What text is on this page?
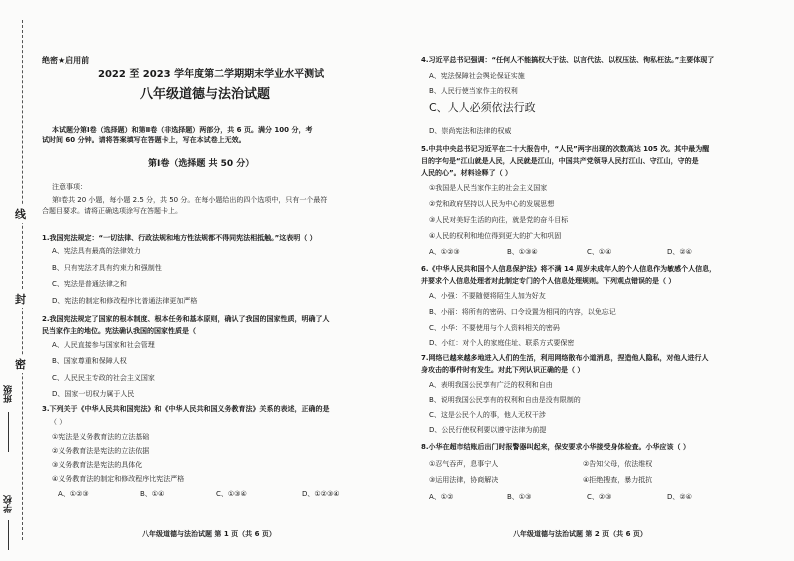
线
封
密
班级
学校
绝密★启用前
2022 至 2023 学年度第二学期期末学业水平测试
八年级道德与法治试题
本试题分第Ⅰ卷（选择题）和第Ⅱ卷（非选择题）两部分，共 6 页。满分 100 分，考
试时间 60 分钟。请将答案填写在答题卡上，写在本试卷上无效。
第Ⅰ卷（选择题 共 50 分）
注意事项：
第Ⅰ卷共 20 小题，每小题 2.5 分，共 50 分。在每小题给出的四个选项中，只有一个最符
合题目要求。请将正确选项涂写在答题卡上。
1.我国宪法规定：“一切法律、行政法规和地方性法规都不得同宪法相抵触。”这表明（ ）
A、宪法具有最高的法律效力
B、只有宪法才具有约束力和强制性
C、宪法是普通法律之和
D、宪法的制定和修改程序比普通法律更加严格
2.我国宪法规定了国家的根本制度、根本任务和基本原则，确认了我国的国家性质，明确了人
民当家作主的地位。宪法确认我国的国家性质是（
A、人民直接参与国家和社会管理
B、国家尊重和保障人权
C、人民民主专政的社会主义国家
D、国家一切权力属于人民
3.下列关于《中华人民共和国宪法》和《中华人民共和国义务教育法》关系的表述，正确的是
（ ）
①宪法是义务教育法的立法基础
②义务教育法是宪法的立法依据
③义务教育法是宪法的具体化
④义务教育法的制定和修改程序比宪法严格
A、①②③	B、①④	C、①③④	D、①②③④
八年级道德与法治试题 第 1 页（共 6 页）
4.习近平总书记强调：“任何人不能搞权大于法、以言代法、以权压法、徇私枉法。”主要体现了
A、宪法保障社会舆论保证实施
B、人民行使当家作主的权利
C、人人必须依法行政
D、崇尚宪法和法律的权威
5.中共中央总书记习近平在二十大报告中，“人民”两字出现的次数高达 105 次。其中最为醒
目的字句是“江山就是人民，人民就是江山，中国共产党领导人民打江山、守江山，守的是
人民的心”。材料诠释了（ ）
①我国是人民当家作主的社会主义国家
②党和政府坚持以人民为中心的发展思想
③人民对美好生活的向往，就是党的奋斗目标
④人民的权利和地位得到更大的扩大和巩固
A、①②③	B、①③④	C、①④	D、②④
6.《中华人民共和国个人信息保护法》将不满 14 周岁未成年人的个人信息作为敏感个人信息，
并要求个人信息处理者对此制定专门的个人信息处理规则。下列观点错误的是（ ）
A、小强：不要随便将陌生人加为好友
B、小丽：将所有的密码、口令设置为相同的内容，以免忘记
C、小华：不要使用与个人资料相关的密码
D、小红：对个人的家庭住址、联系方式要保密
7.网络已越来越多地进入人们的生活，利用网络散布小道消息，捏造他人隐私，对他人进行人
身攻击的事件时有发生。对此下列认识正确的是（ ）
A、表明我国公民享有广泛的权利和自由
B、说明我国公民享有的权利和自由是没有限制的
C、这是公民个人的事，他人无权干涉
D、公民行使权利要以遵守法律为前提
8.小华在超市结账后出门时报警器叫起来，保安要求小华接受身体检查。小华应该（ ）
①忍气吞声，息事宁人	②告知父母，依法维权
③运用法律，协商解决	④拒绝搜查，暴力抵抗
A、①②	B、①③	C、②③	D、②④
八年级道德与法治试题 第 2 页（共 6 页）
